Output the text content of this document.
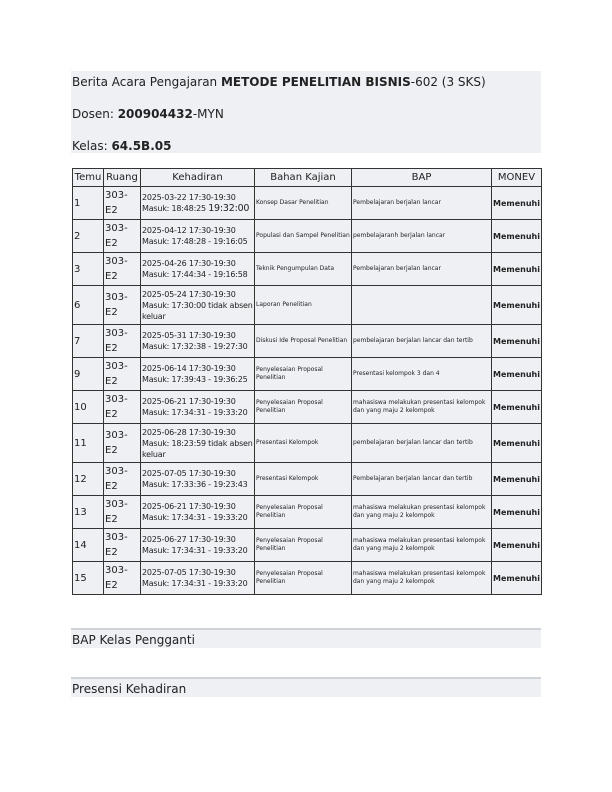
Berita Acara Pengajaran METODE PENELITIAN BISNIS-602 (3 SKS)
Dosen: 200904432-MYN
Kelas: 64.5B.05
Temu	Ruang	Kehadiran	Bahan Kajian	BAP	MONEV
1	303-E2	2025-03-22 17:30-19:30
Masuk: 18:48:25 19:32:00	Konsep Dasar Penelitian	Pembelajaran berjalan lancar	Memenuhi
2	303-E2	2025-04-12 17:30-19:30
Masuk: 17:48:28 - 19:16:05	Populasi dan Sampel Penelitian	pembelajaranh berjalan lancar	Memenuhi
3	303-E2	2025-04-26 17:30-19:30
Masuk: 17:44:34 - 19:16:58	Teknik Pengumpulan Data	Pembelajaran berjalan lancar	Memenuhi
6	303-E2	2025-05-24 17:30-19:30
Masuk: 17:30:00 tidak absen keluar	Laporan Penelitian		Memenuhi
7	303-E2	2025-05-31 17:30-19:30
Masuk: 17:32:38 - 19:27:30	Diskusi Ide Proposal Penelitian	pembelajaran berjalan lancar dan tertib	Memenuhi
9	303-E2	2025-06-14 17:30-19:30
Masuk: 17:39:43 - 19:36:25	Penyelesaian Proposal Penelitian	Presentasi kelompok 3 dan 4	Memenuhi
10	303-E2	2025-06-21 17:30-19:30
Masuk: 17:34:31 - 19:33:20	Penyelesaian Proposal Penelitian	mahasiswa melakukan presentasi kelompok dan yang maju 2 kelompok	Memenuhi
11	303-E2	2025-06-28 17:30-19:30
Masuk: 18:23:59 tidak absen keluar	Presentasi Kelompok	pembelajaran berjalan lancar dan tertib	Memenuhi
12	303-E2	2025-07-05 17:30-19:30
Masuk: 17:33:36 - 19:23:43	Presentasi Kelompok	Pembelajaran berjalan lancar dan tertib	Memenuhi
13	303-E2	2025-06-21 17:30-19:30
Masuk: 17:34:31 - 19:33:20	Penyelesaian Proposal Penelitian	mahasiswa melakukan presentasi kelompok dan yang maju 2 kelompok	Memenuhi
14	303-E2	2025-06-27 17:30-19:30
Masuk: 17:34:31 - 19:33:20	Penyelesaian Proposal Penelitian	mahasiswa melakukan presentasi kelompok dan yang maju 2 kelompok	Memenuhi
15	303-E2	2025-07-05 17:30-19:30
Masuk: 17:34:31 - 19:33:20	Penyelesaian Proposal Penelitian	mahasiswa melakukan presentasi kelompok dan yang maju 2 kelompok	Memenuhi
BAP Kelas Pengganti
Presensi Kehadiran
